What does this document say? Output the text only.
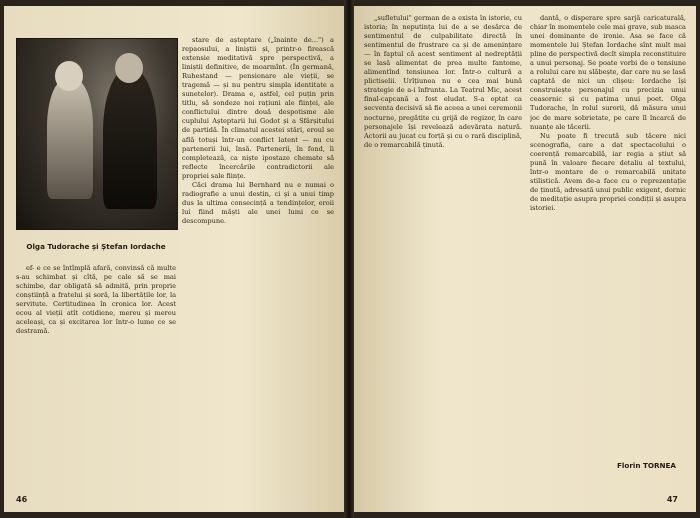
Olga Tudorache și Ștefan Iordache

stare de așteptare („înainte de...") a repaosului, a liniștii și, printr-o firească extensie meditativă spre perspectivă, a liniștii definitive, de moarmînt. (În germană, Ruhestand — pensionare ale vieții, se tragemă — și nu pentru simpla identitate a sunetelor). Drama e, astfel, cel puțin prin titlu, să sondeze noi rațiuni ale ființei, ale conflictului dintre două despotisme ale cuplului Așteptarii lui Godot și a Sfârșitului de partidă. În climatul acestei stări, eroul se află totuși într-un conflict latent — nu cu partenerii lui, însă. Partenerii, în fond, îi completează, ca niște ipostaze chemate să reflecte încercările contradictorii ale propriei sale ființe.

Căci drama lui Bernhard nu e numai o radiografie a unui destin, ci și a unui timp dus la ultima consecință a tendințelor, eroii lui fiind măști ale unei lumi ce se descompune.

ef- e ce se întîmplă afară, convinsă că multe s-au schimbat și cîtă, pe cale să se mai schimbe, dar obligată să admită, prin proprie conștiință a fratelui și soră, la libertățile lor, la servitute. Certitudinea în cronica lor. Acest ecou al vieții atît cotidiene, mereu și mereu aceleași, ca și excitarea lor într-o lume ce se destramă.

46

„sufletului" german de a exista în istorie, cu istoria; în neputința lui de a se desărca de sentimentul de culpabilitate directă în sentimentul de frustrare ca și de amenințare — în faptul că acest sentiment al nedreptății se lasă alimentat de prea multe fantome, alimentînd tensiunea lor. Într-o cultură a plictiselii. Urîțiunea nu e cea mai bună strategie de a-i înfrunta. La Teatrul Mic, acest final-capcană a fost eludat. S-a optat ca secventa decisivă să fie aceea a unei ceremonii nocturne, pregătite cu grijă de regizor, în care personajele își revelează adevărata natură. Actorii au jucat cu forță și cu o rară disciplină, de o remarcabilă ținută.

dantă, o disperare spre sarjă caricaturală, chiar în momentele cele mai grave, sub masca unei dominante de ironie. Asa se face că momentele lui Ștefan Iordache sînt mult mai pline de perspectivă decît simpla reconstituire a unui personaj. Se poate vorbi de o tensiune a rolului care nu slăbește, dar care nu se lasă captată de nici un clișeu: Iordache își construiește personajul cu precizia unui ceasornic și cu patima unui poet. Olga Tudorache, în rolul surorii, dă măsura unui joc de mare sobrietate, pe care îl încarcă de nuanțe ale tăcerii.

Nu poate fi trecută sub tăcere nici scenografia, care a dat spectacolului o coerență remarcabilă, iar regia a știut să pună în valoare fiecare detaliu al textului, într-o montare de o remarcabilă unitate stilistică. Avem de-a face cu o reprezentație de ținută, adresată unui public exigent, dornic de meditație asupra propriei condiții și asupra istoriei.

Florin TORNEA
47
